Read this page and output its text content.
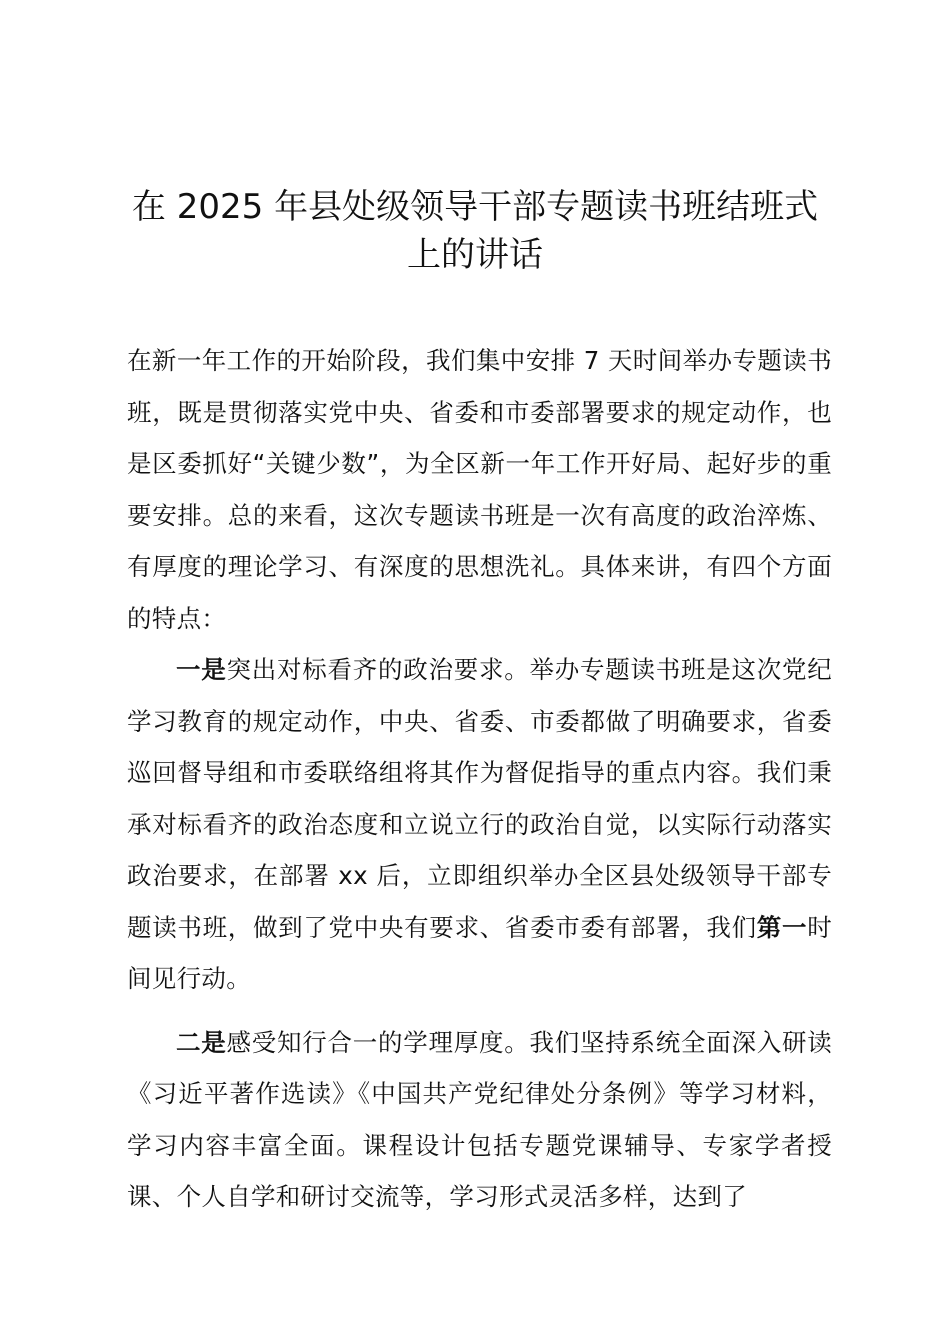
在 2025 年县处级领导干部专题读书班结班式
上的讲话

在新一年工作的开始阶段，我们集中安排 7 天时间举办专题读书班，既是贯彻落实党中央、省委和市委部署要求的规定动作，也是区委抓好“关键少数”，为全区新一年工作开好局、起好步的重要安排。总的来看，这次专题读书班是一次有高度的政治淬炼、有厚度的理论学习、有深度的思想洗礼。具体来讲，有四个方面的特点：

一是突出对标看齐的政治要求。举办专题读书班是这次党纪学习教育的规定动作，中央、省委、市委都做了明确要求，省委巡回督导组和市委联络组将其作为督促指导的重点内容。我们秉承对标看齐的政治态度和立说立行的政治自觉，以实际行动落实政治要求，在部署 xx 后，立即组织举办全区县处级领导干部专题读书班，做到了党中央有要求、省委市委有部署，我们第一时间见行动。

二是感受知行合一的学理厚度。我们坚持系统全面深入研读《习近平著作选读》《中国共产党纪律处分条例》等学习材料，学习内容丰富全面。课程设计包括专题党课辅导、专家学者授课、个人自学和研讨交流等，学习形式灵活多样，达到了
